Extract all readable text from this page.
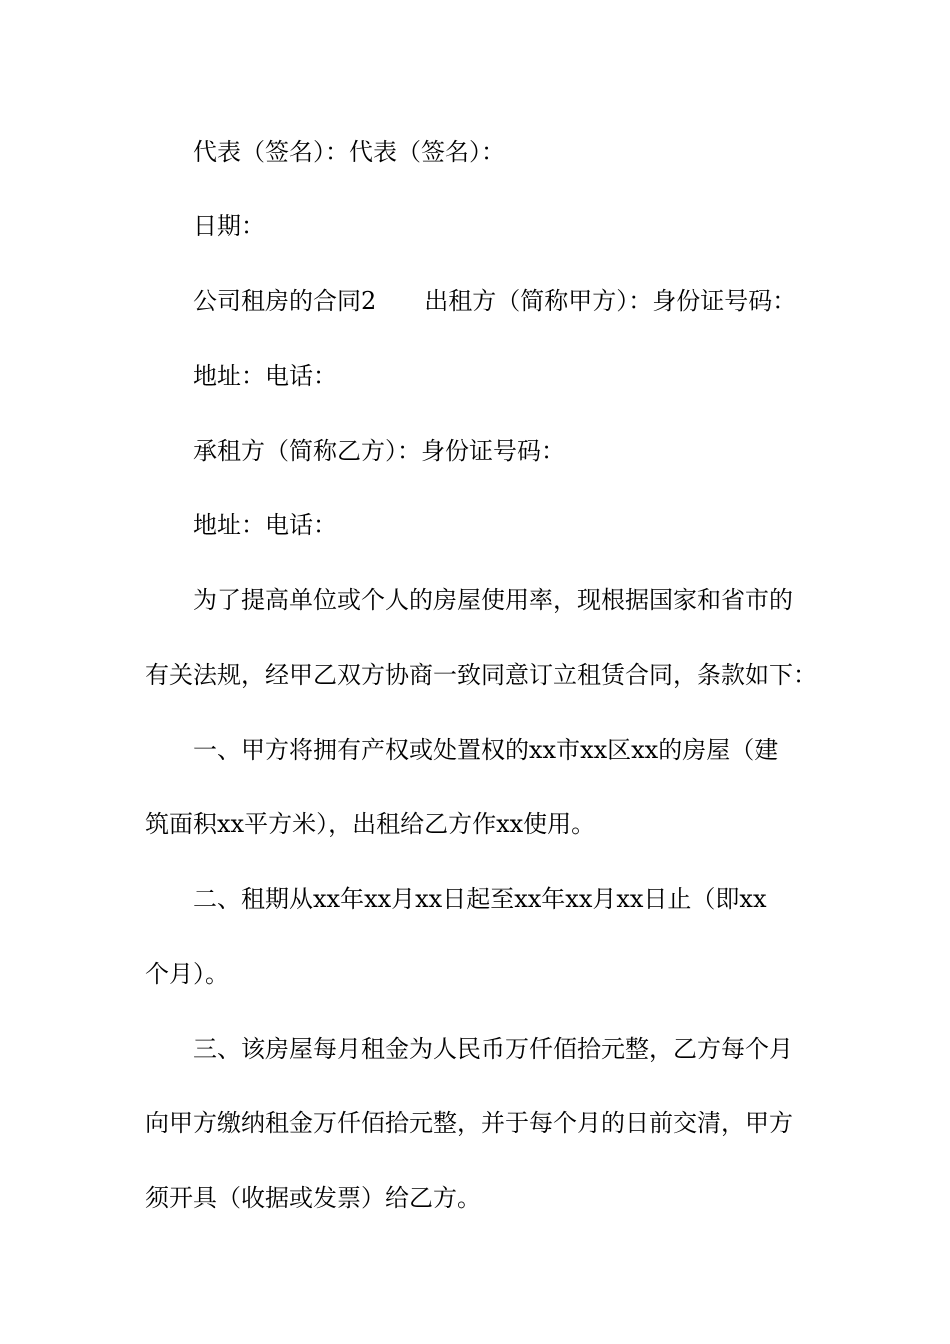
代表（签名）：代表（签名）：
日期：
公司租房的合同2　　出租方（简称甲方）：身份证号码：
地址：电话：
承租方（简称乙方）：身份证号码：
地址：电话：
为了提高单位或个人的房屋使用率，现根据国家和省市的
有关法规，经甲乙双方协商一致同意订立租赁合同，条款如下：
一、甲方将拥有产权或处置权的xx市xx区xx的房屋（建
筑面积xx平方米），出租给乙方作xx使用。
二、租期从xx年xx月xx日起至xx年xx月xx日止（即xx
个月）。
三、该房屋每月租金为人民币万仟佰拾元整，乙方每个月
向甲方缴纳租金万仟佰拾元整，并于每个月的日前交清，甲方
须开具（收据或发票）给乙方。
